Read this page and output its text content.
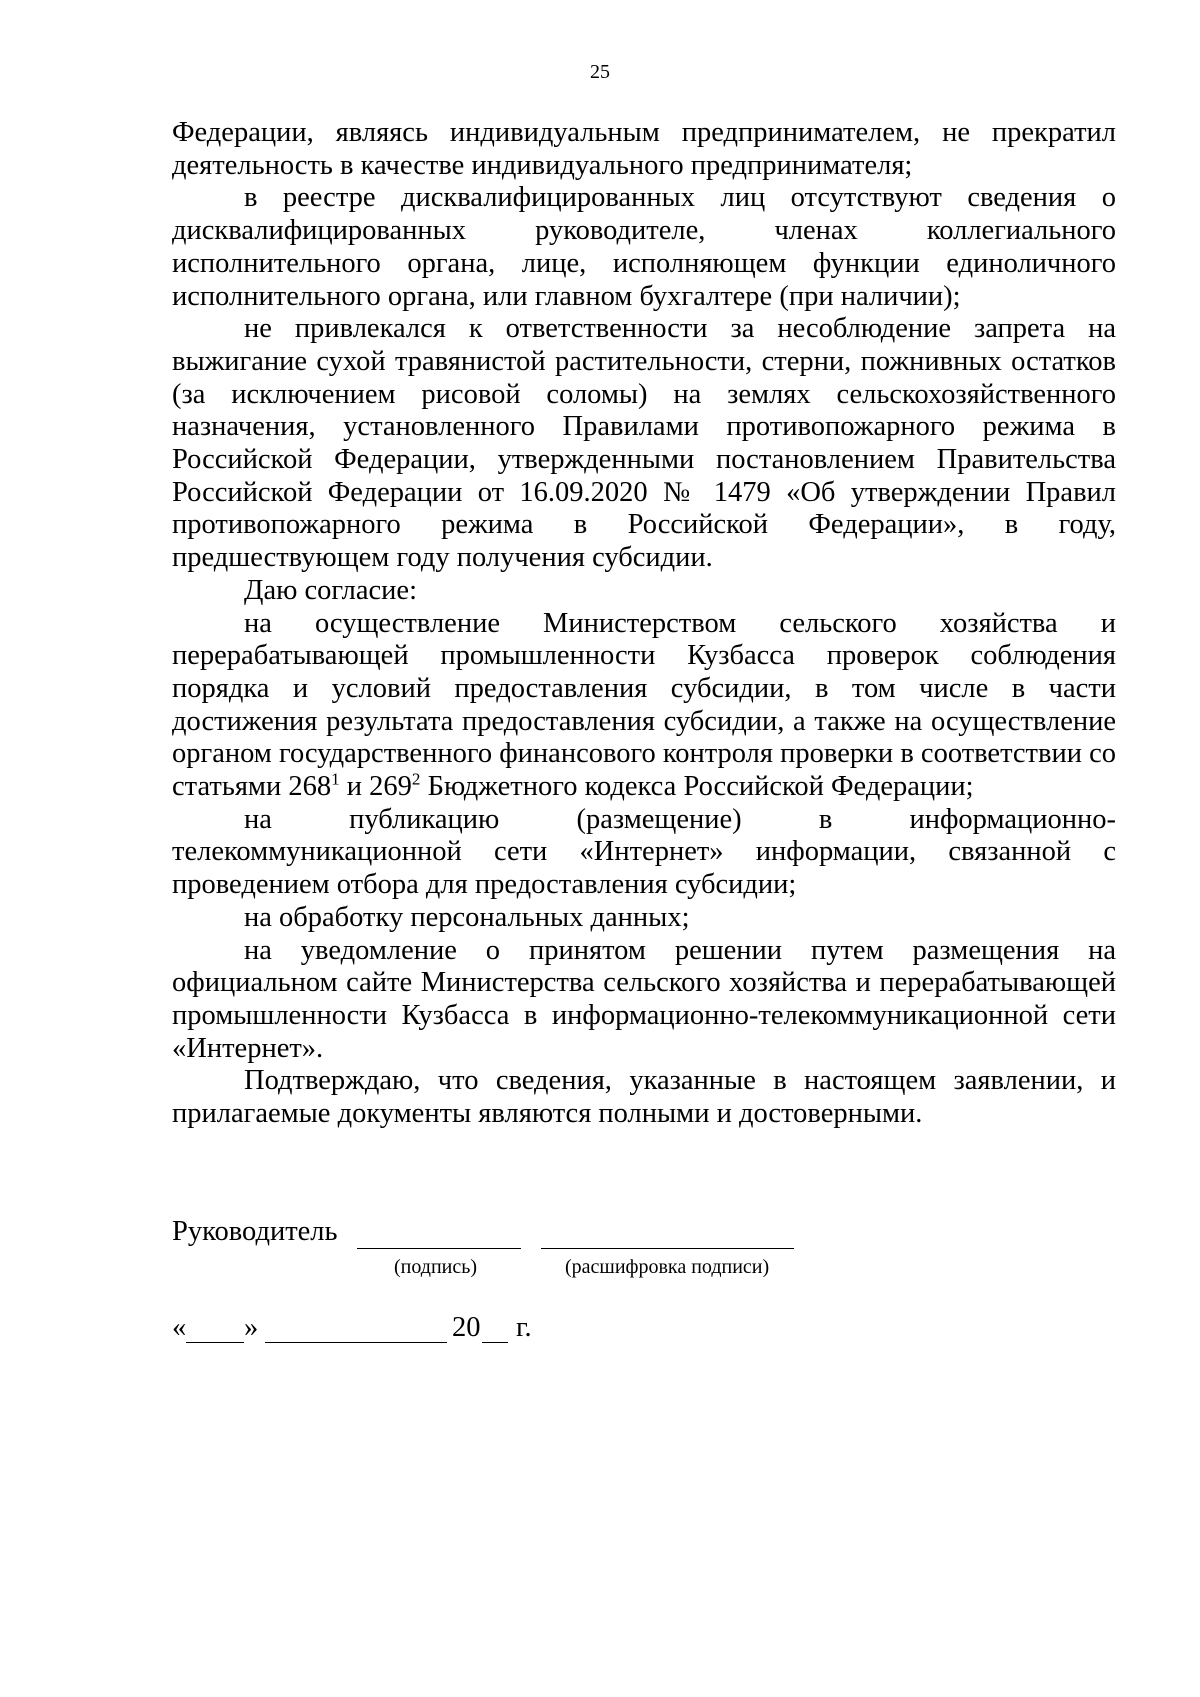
25

Федерации, являясь индивидуальным предпринимателем, не прекратил деятельность в качестве индивидуального предпринимателя;

в реестре дисквалифицированных лиц отсутствуют сведения о дисквалифицированных руководителе, членах коллегиального исполнительного органа, лице, исполняющем функции единоличного исполнительного органа, или главном бухгалтере (при наличии);

не привлекался к ответственности за несоблюдение запрета на выжигание сухой травянистой растительности, стерни, пожнивных остатков (за исключением рисовой соломы) на землях сельскохозяйственного назначения, установленного Правилами противопожарного режима в Российской Федерации, утвержденными постановлением Правительства Российской Федерации от 16.09.2020 № 1479 «Об утверждении Правил противопожарного режима в Российской Федерации», в году, предшествующем году получения субсидии.

Даю согласие:

на осуществление Министерством сельского хозяйства и перерабатывающей промышленности Кузбасса проверок соблюдения порядка и условий предоставления субсидии, в том числе в части достижения результата предоставления субсидии, а также на осуществление органом государственного финансового контроля проверки в соответствии со статьями $268^1$ и $269^2$ Бюджетного кодекса Российской Федерации;

на публикацию (размещение) в информационно-телекоммуникационной сети «Интернет» информации, связанной с проведением отбора для предоставления субсидии;

на обработку персональных данных;

на уведомление о принятом решении путем размещения на официальном сайте Министерства сельского хозяйства и перерабатывающей промышленности Кузбасса в информационно-телекоммуникационной сети «Интернет».

Подтверждаю, что сведения, указанные в настоящем заявлении, и прилагаемые документы являются полными и достоверными.

Руководитель
(подпись)	(расшифровка подписи)
« »	20 г.
